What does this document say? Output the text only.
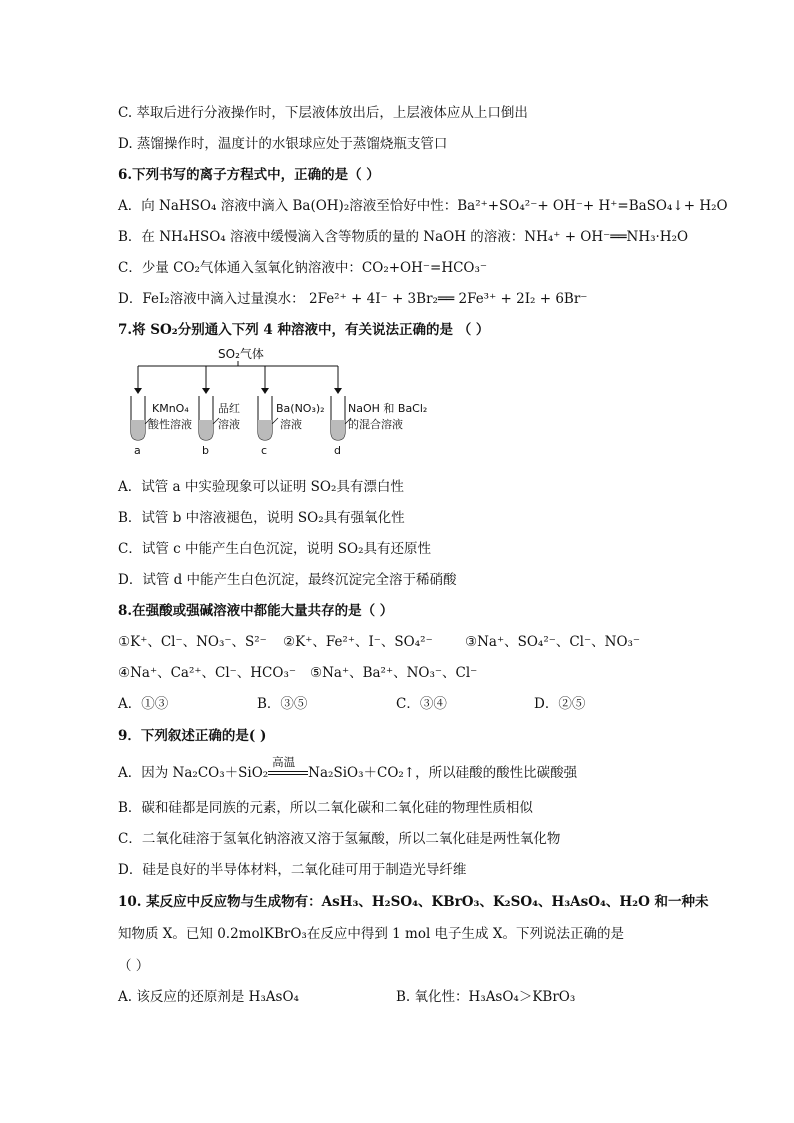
C. 萃取后进行分液操作时，下层液体放出后，上层液体应从上口倒出
D. 蒸馏操作时，温度计的水银球应处于蒸馏烧瓶支管口
6.下列书写的离子方程式中，正确的是（ ）
A．向 NaHSO₄ 溶液中滴入 Ba(OH)₂溶液至恰好中性：Ba²⁺+SO₄²⁻+ OH⁻+ H⁺=BaSO₄↓+ H₂O
B．在 NH₄HSO₄ 溶液中缓慢滴入含等物质的量的 NaOH 的溶液：NH₄⁺ + OH⁻══NH₃·H₂O
C．少量 CO₂气体通入氢氧化钠溶液中：CO₂+OH⁻=HCO₃⁻
D．FeI₂溶液中滴入过量溴水： 2Fe²⁺ + 4I⁻ + 3Br₂══ 2Fe³⁺ + 2I₂ + 6Br⁻
7.将 SO₂分别通入下列 4 种溶液中，有关说法正确的是 （ ）
SO₂气体
KMnO₄
酸性溶液
品红
溶液
Ba(NO₃)₂
溶液
NaOH 和 BaCl₂
的混合溶液
a	b	c	d
A．试管 a 中实验现象可以证明 SO₂具有漂白性
B．试管 b 中溶液褪色，说明 SO₂具有强氧化性
C．试管 c 中能产生白色沉淀，说明 SO₂具有还原性
D．试管 d 中能产生白色沉淀，最终沉淀完全溶于稀硝酸
8.在强酸或强碱溶液中都能大量共存的是（ ）
①K⁺、Cl⁻、NO₃⁻、S²⁻ ②K⁺、Fe²⁺、I⁻、SO₄²⁻ ③Na⁺、SO₄²⁻、Cl⁻、NO₃⁻
④Na⁺、Ca²⁺、Cl⁻、HCO₃⁻ ⑤Na⁺、Ba²⁺、NO₃⁻、Cl⁻
A．①③	B．③⑤	C．③④	D．②⑤
9．下列叙述正确的是( )
A．因为 Na₂CO₃＋SiO₂
高温
Na₂SiO₃＋CO₂↑，所以硅酸的酸性比碳酸强
B．碳和硅都是同族的元素，所以二氧化碳和二氧化硅的物理性质相似
C．二氧化硅溶于氢氧化钠溶液又溶于氢氟酸，所以二氧化硅是两性氧化物
D．硅是良好的半导体材料，二氧化硅可用于制造光导纤维
10. 某反应中反应物与生成物有：AsH₃、H₂SO₄、KBrO₃、K₂SO₄、H₃AsO₄、H₂O 和一种未
知物质 X。已知 0.2molKBrO₃在反应中得到 1 mol 电子生成 X。下列说法正确的是
（ ）
A. 该反应的还原剂是 H₃AsO₄	B. 氧化性：H₃AsO₄＞KBrO₃
